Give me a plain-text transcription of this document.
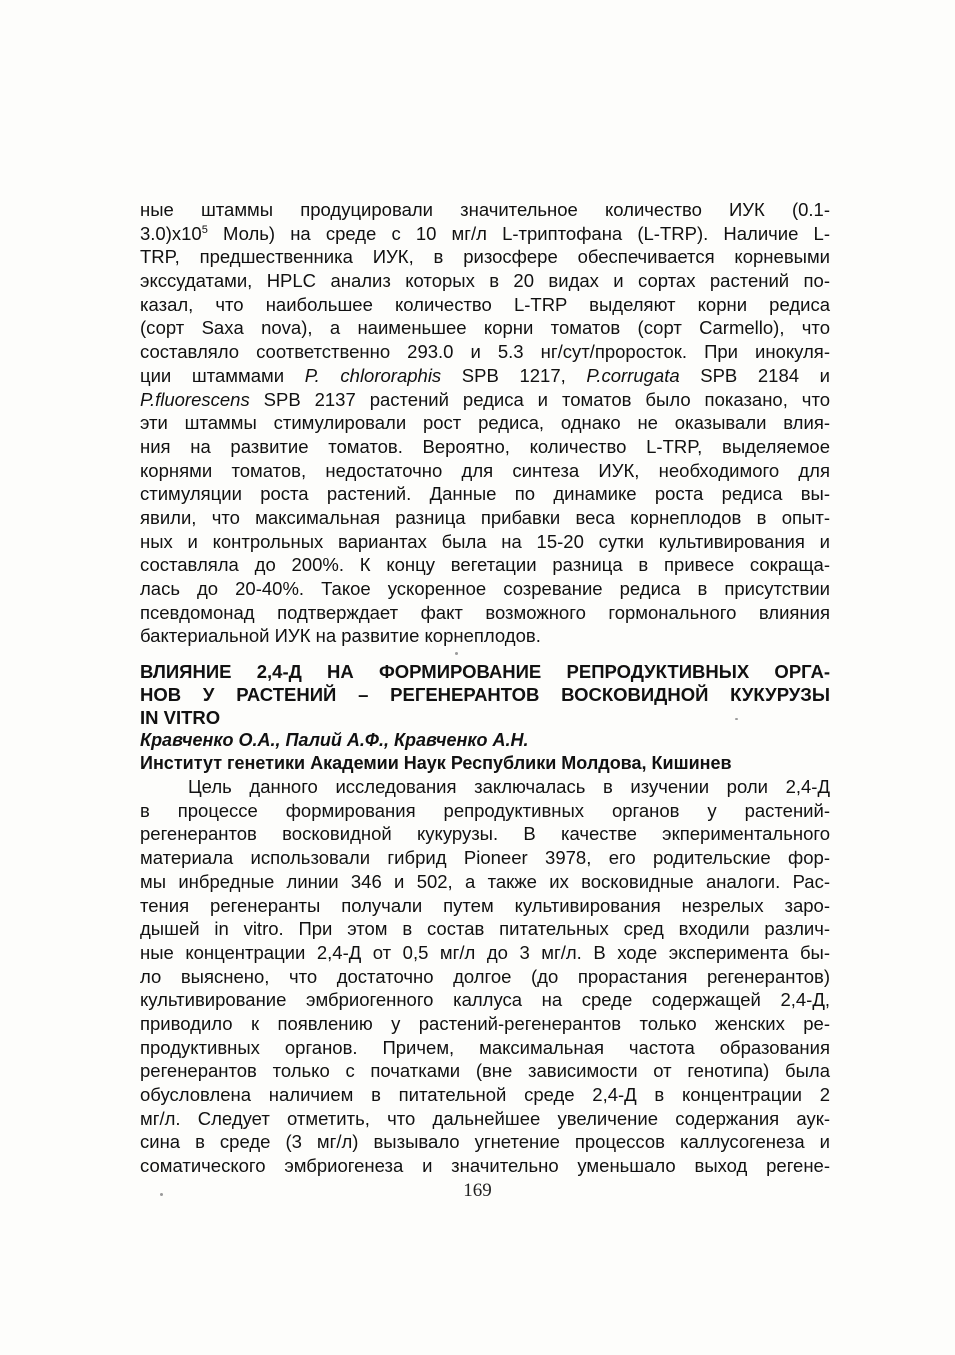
ные штаммы продуцировали значительное количество ИУК (0.1-
$3.0)x10^5$ Моль) на среде с 10 мг/л L-триптофана (L-TRP). Наличие L-
TRP, предшественника ИУК, в ризосфере обеспечивается корневыми
экссудатами, HPLC анализ которых в 20 видах и сортах растений по-
казал, что наибольшее количество L-TRP выделяют корни редиса
(сорт Saxa nova), а наименьшее корни томатов (сорт Carmello), что
составляло соответственно 293.0 и 5.3 нг/сут/проросток. При инокуля-
ции штаммами P. chlororaphis SPB 1217, P.corrugata SPB 2184 и
P.fluorescens SPB 2137 растений редиса и томатов было показано, что
эти штаммы стимулировали рост редиса, однако не оказывали влия-
ния на развитие томатов. Вероятно, количество L-TRP, выделяемое
корнями томатов, недостаточно для синтеза ИУК, необходимого для
стимуляции роста растений. Данные по динамике роста редиса вы-
явили, что максимальная разница прибавки веса корнеплодов в опыт-
ных и контрольных вариантах была на 15-20 сутки культивирования и
составляла до 200%. К концу вегетации разница в привесе сокраща-
лась до 20-40%. Такое ускоренное созревание редиса в присутствии
псевдомонад подтверждает факт возможного гормонального влияния
бактериальной ИУК на развитие корнеплодов.
ВЛИЯНИЕ 2,4-Д НА ФОРМИРОВАНИЕ РЕПРОДУКТИВНЫХ ОРГА-
НОВ У РАСТЕНИЙ – РЕГЕНЕРАНТОВ ВОСКОВИДНОЙ КУКУРУЗЫ
IN VITRO
Кравченко О.А., Палий А.Ф., Кравченко А.Н.
Институт генетики Академии Наук Республики Молдова, Кишинев
Цель данного исследования заключалась в изучении роли 2,4-Д
в процессе формирования репродуктивных органов у растений-
регенерантов восковидной кукурузы. В качестве экпериментального
материала использовали гибрид Pioneer 3978, его родительские фор-
мы инбредные линии 346 и 502, а также их восковидные аналоги. Рас-
тения регенеранты получали путем культивирования незрелых заро-
дышей in vitro. При этом в состав питательных сред входили различ-
ные концентрации 2,4-Д от 0,5 мг/л до 3 мг/л. В ходе эксперимента бы-
ло выяснено, что достаточно долгое (до прорастания регенерантов)
культивирование эмбриогенного каллуса на среде содержащей 2,4-Д,
приводило к появлению у растений-регенерантов только женских ре-
продуктивных органов. Причем, максимальная частота образования
регенерантов только с початками (вне зависимости от генотипа) была
обусловлена наличием в питательной среде 2,4-Д в концентрации 2
мг/л. Следует отметить, что дальнейшее увеличение содержания аук-
сина в среде (3 мг/л) вызывало угнетение процессов каллусогенеза и
соматического эмбриогенеза и значительно уменьшало выход регене-
169
